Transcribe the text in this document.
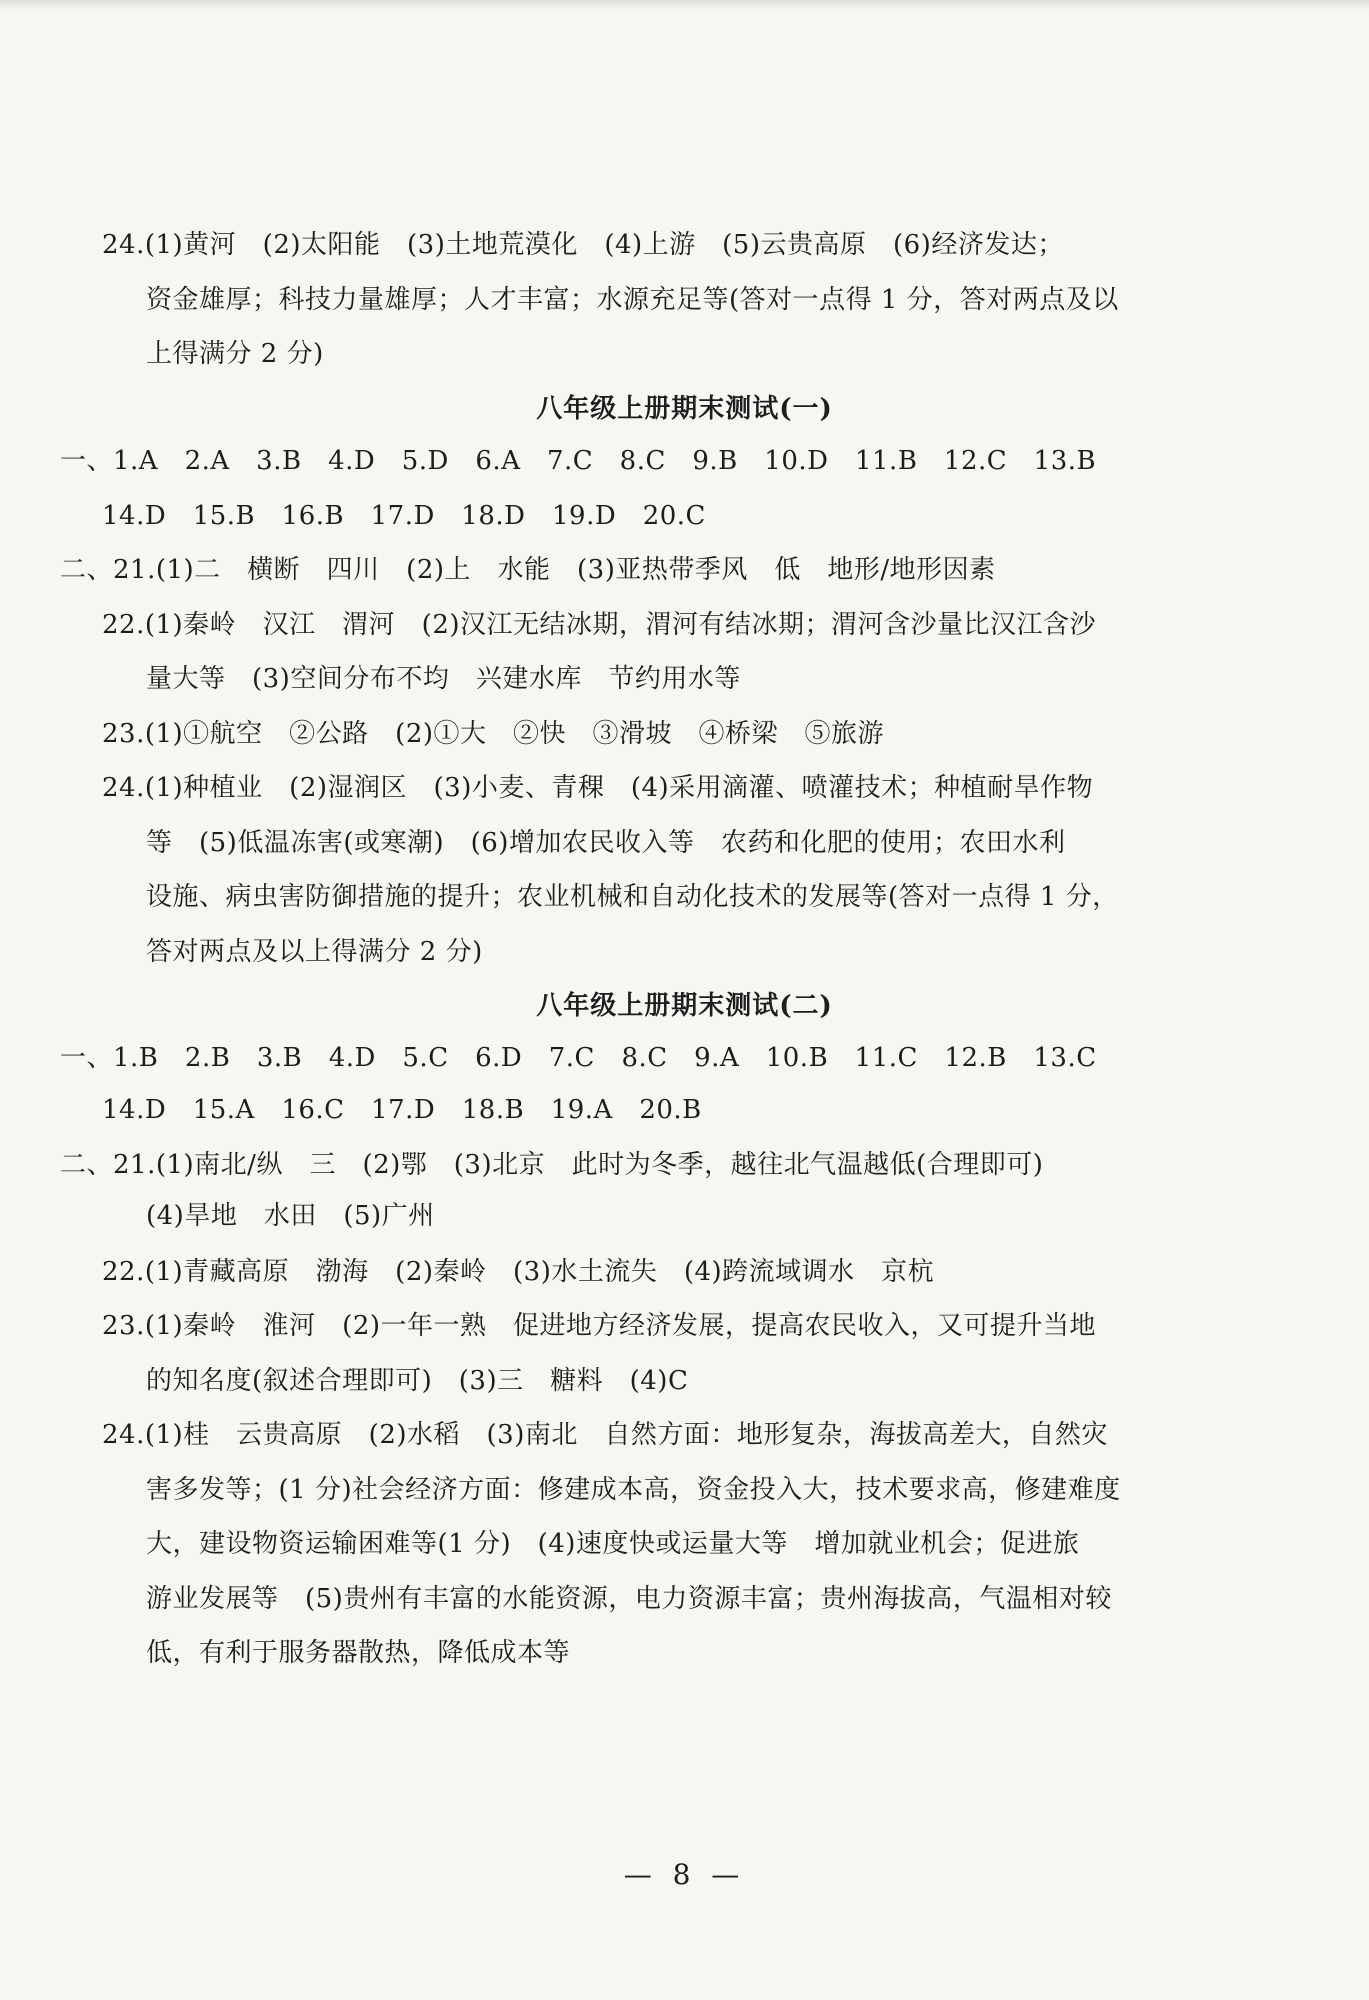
24.(1)黄河　(2)太阳能　(3)土地荒漠化　(4)上游　(5)云贵高原　(6)经济发达；
资金雄厚；科技力量雄厚；人才丰富；水源充足等(答对一点得 1 分，答对两点及以
上得满分 2 分)
八年级上册期末测试(一)
一、1.A　2.A　3.B　4.D　5.D　6.A　7.C　8.C　9.B　10.D　11.B　12.C　13.B
14.D　15.B　16.B　17.D　18.D　19.D　20.C
二、21.(1)二　横断　四川　(2)上　水能　(3)亚热带季风　低　地形/地形因素
22.(1)秦岭　汉江　渭河　(2)汉江无结冰期，渭河有结冰期；渭河含沙量比汉江含沙
量大等　(3)空间分布不均　兴建水库　节约用水等
23.(1)①航空　②公路　(2)①大　②快　③滑坡　④桥梁　⑤旅游
24.(1)种植业　(2)湿润区　(3)小麦、青稞　(4)采用滴灌、喷灌技术；种植耐旱作物
等　(5)低温冻害(或寒潮)　(6)增加农民收入等　农药和化肥的使用；农田水利
设施、病虫害防御措施的提升；农业机械和自动化技术的发展等(答对一点得 1 分，
答对两点及以上得满分 2 分)
八年级上册期末测试(二)
一、1.B　2.B　3.B　4.D　5.C　6.D　7.C　8.C　9.A　10.B　11.C　12.B　13.C
14.D　15.A　16.C　17.D　18.B　19.A　20.B
二、21.(1)南北/纵　三　(2)鄂　(3)北京　此时为冬季，越往北气温越低(合理即可)
(4)旱地　水田　(5)广州
22.(1)青藏高原　渤海　(2)秦岭　(3)水土流失　(4)跨流域调水　京杭
23.(1)秦岭　淮河　(2)一年一熟　促进地方经济发展，提高农民收入，又可提升当地
的知名度(叙述合理即可)　(3)三　糖料　(4)C
24.(1)桂　云贵高原　(2)水稻　(3)南北　自然方面：地形复杂，海拔高差大，自然灾
害多发等；(1 分)社会经济方面：修建成本高，资金投入大，技术要求高，修建难度
大，建设物资运输困难等(1 分)　(4)速度快或运量大等　增加就业机会；促进旅
游业发展等　(5)贵州有丰富的水能资源，电力资源丰富；贵州海拔高，气温相对较
低，有利于服务器散热，降低成本等
— 8 —
